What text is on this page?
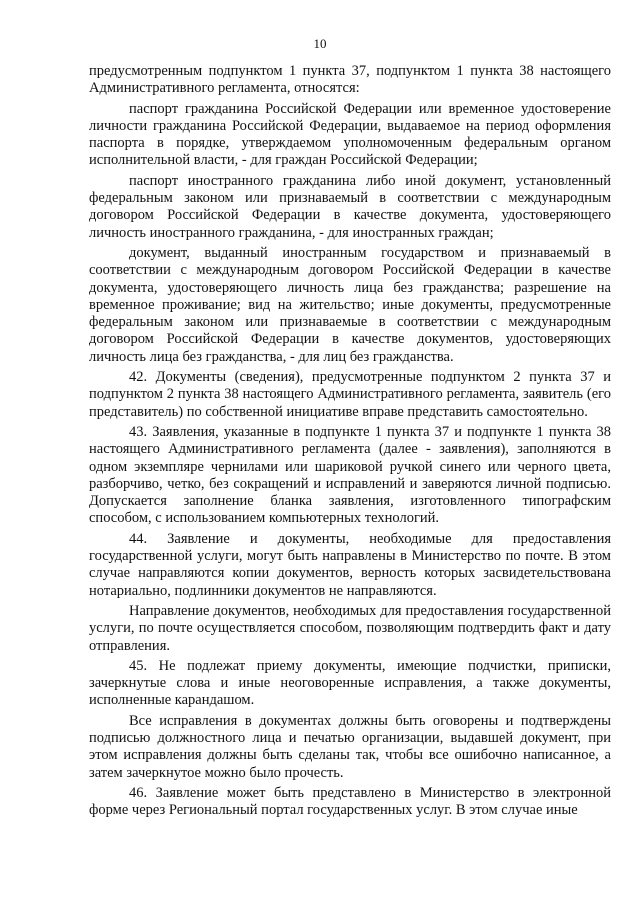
10

предусмотренным подпунктом 1 пункта 37, подпунктом 1 пункта 38 настоящего Административного регламента, относятся:

паспорт гражданина Российской Федерации или временное удостоверение личности гражданина Российской Федерации, выдаваемое на период оформления паспорта в порядке, утверждаемом уполномоченным федеральным органом исполнительной власти, - для граждан Российской Федерации;

паспорт иностранного гражданина либо иной документ, установленный федеральным законом или признаваемый в соответствии с международным договором Российской Федерации в качестве документа, удостоверяющего личность иностранного гражданина, - для иностранных граждан;

документ, выданный иностранным государством и признаваемый в соответствии с международным договором Российской Федерации в качестве документа, удостоверяющего личность лица без гражданства; разрешение на временное проживание; вид на жительство; иные документы, предусмотренные федеральным законом или признаваемые в соответствии с международным договором Российской Федерации в качестве документов, удостоверяющих личность лица без гражданства, - для лиц без гражданства.

42. Документы (сведения), предусмотренные подпунктом 2 пункта 37 и подпунктом 2 пункта 38 настоящего Административного регламента, заявитель (его представитель) по собственной инициативе вправе представить самостоятельно.

43. Заявления, указанные в подпункте 1 пункта 37 и подпункте 1 пункта 38 настоящего Административного регламента (далее - заявления), заполняются в одном экземпляре чернилами или шариковой ручкой синего или черного цвета, разборчиво, четко, без сокращений и исправлений и заверяются личной подписью. Допускается заполнение бланка заявления, изготовленного типографским способом, с использованием компьютерных технологий.

44. Заявление и документы, необходимые для предоставления государственной услуги, могут быть направлены в Министерство по почте. В этом случае направляются копии документов, верность которых засвидетельствована нотариально, подлинники документов не направляются.

Направление документов, необходимых для предоставления государственной услуги, по почте осуществляется способом, позволяющим подтвердить факт и дату отправления.

45. Не подлежат приему документы, имеющие подчистки, приписки, зачеркнутые слова и иные неоговоренные исправления, а также документы, исполненные карандашом.

Все исправления в документах должны быть оговорены и подтверждены подписью должностного лица и печатью организации, выдавшей документ, при этом исправления должны быть сделаны так, чтобы все ошибочно написанное, а затем зачеркнутое можно было прочесть.

46. Заявление может быть представлено в Министерство в электронной форме через Региональный портал государственных услуг. В этом случае иные
